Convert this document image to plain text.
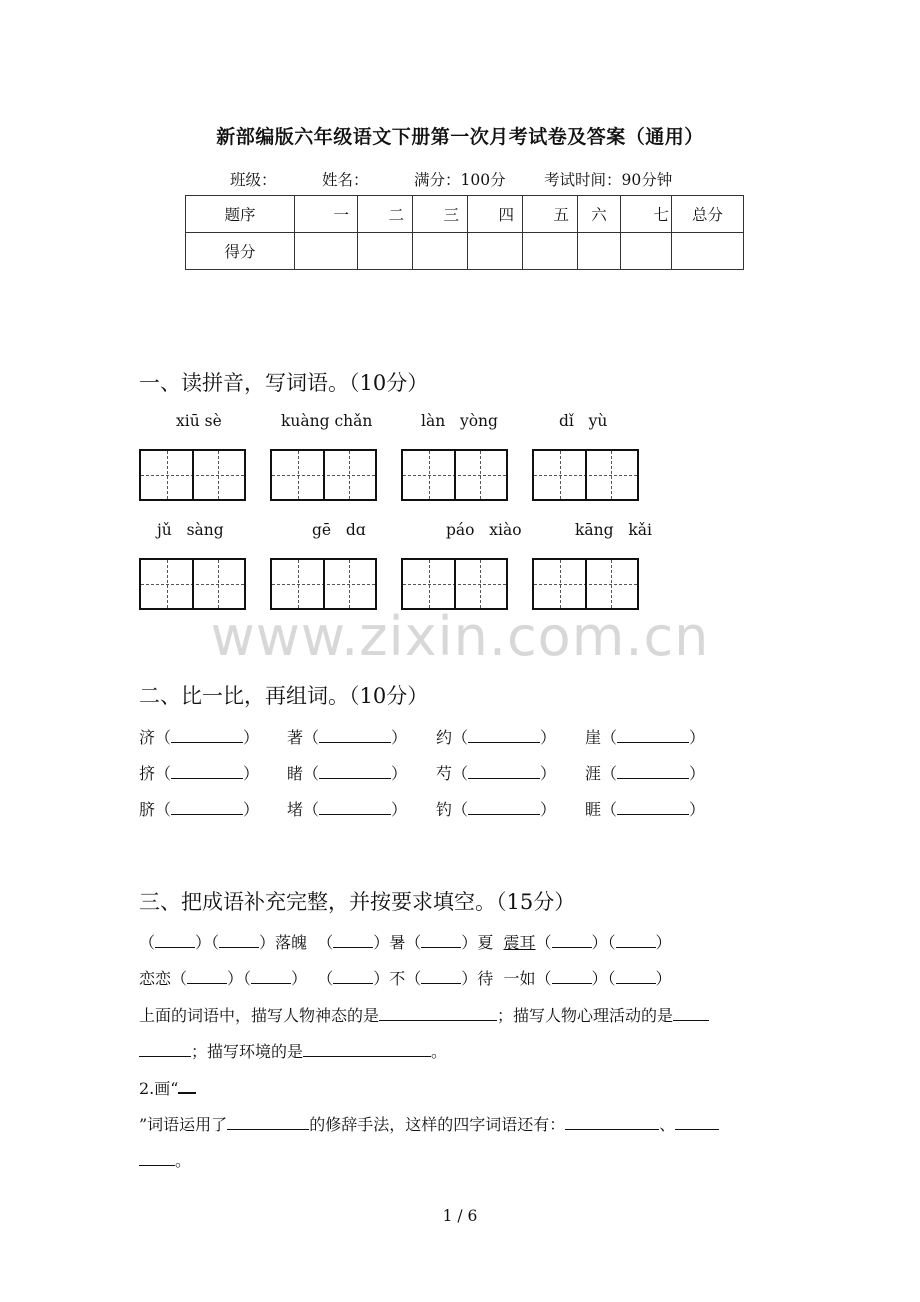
www.zixin.com.cn
新部编版六年级语文下册第一次月考试卷及答案（通用）
班级：	姓名：	满分：100分 考试时间：90分钟
题序	一	二	三	四	五	六	七	总分
得分								
一、读拼音，写词语。（10分）
xiū sè	kuàng chǎn	làn   yòng	dǐ   yù
jǔ   sàng	gē   dɑ	páo   xiào	kāng   kǎi
二、比一比，再组词。（10分）
济（	） 著（	） 约（	） 崖（	）
挤（	） 睹（	） 芍（	） 涯（	）
脐（	） 堵（	） 钓（	） 睚（	）
三、把成语补充完整，并按要求填空。（15分）
（	）（	）落魄  （	）暑（	）夏 震耳（	）（	）
恋恋（	）（	）  （	）不（	）待 一如（	）（	）
上面的词语中，描写人物神态的是	；描写人物心理活动的是
；描写环境的是	。
2.画“
”词语运用了	的修辞手法，这样的四字词语还有：	、
。
1 / 6
